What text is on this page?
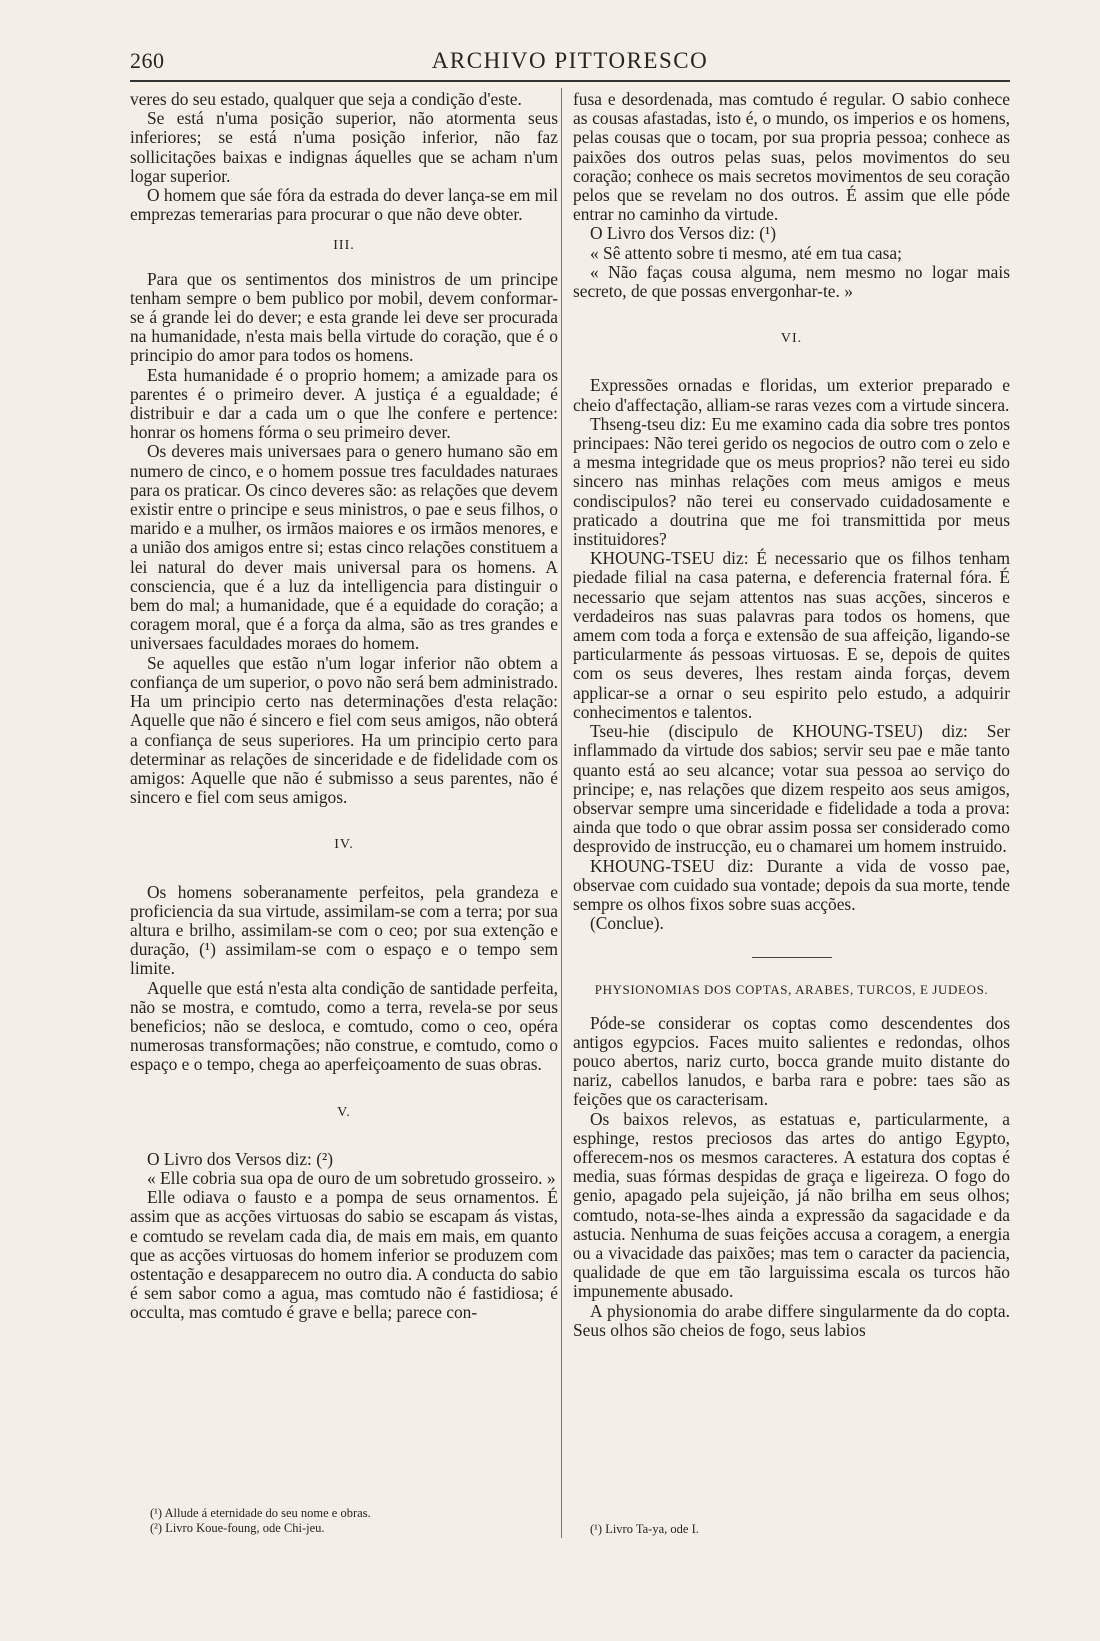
260	ARCHIVO PITTORESCO

veres do seu estado, qualquer que seja a condição d'este.

Se está n'uma posição superior, não atormenta seus inferiores; se está n'uma posição inferior, não faz sollicitações baixas e indignas áquelles que se acham n'um logar superior.

O homem que sáe fóra da estrada do dever lança-se em mil emprezas temerarias para procurar o que não deve obter.

III.

Para que os sentimentos dos ministros de um principe tenham sempre o bem publico por mobil, devem conformar-se á grande lei do dever; e esta grande lei deve ser procurada na humanidade, n'esta mais bella virtude do coração, que é o principio do amor para todos os homens.

Esta humanidade é o proprio homem; a amizade para os parentes é o primeiro dever. A justiça é a egualdade; é distribuir e dar a cada um o que lhe confere e pertence: honrar os homens fórma o seu primeiro dever.

Os deveres mais universaes para o genero humano são em numero de cinco, e o homem possue tres faculdades naturaes para os praticar. Os cinco deveres são: as relações que devem existir entre o principe e seus ministros, o pae e seus filhos, o marido e a mulher, os irmãos maiores e os irmãos menores, e a união dos amigos entre si; estas cinco relações constituem a lei natural do dever mais universal para os homens. A consciencia, que é a luz da intelligencia para distinguir o bem do mal; a humanidade, que é a equidade do coração; a coragem moral, que é a força da alma, são as tres grandes e universaes faculdades moraes do homem.

Se aquelles que estão n'um logar inferior não obtem a confiança de um superior, o povo não será bem administrado. Ha um principio certo nas determinações d'esta relação: Aquelle que não é sincero e fiel com seus amigos, não obterá a confiança de seus superiores. Ha um principio certo para determinar as relações de sinceridade e de fidelidade com os amigos: Aquelle que não é submisso a seus parentes, não é sincero e fiel com seus amigos.

IV.

Os homens soberanamente perfeitos, pela grandeza e proficiencia da sua virtude, assimilam-se com a terra; por sua altura e brilho, assimilam-se com o ceo; por sua extenção e duração, (¹) assimilam-se com o espaço e o tempo sem limite.

Aquelle que está n'esta alta condição de santidade perfeita, não se mostra, e comtudo, como a terra, revela-se por seus beneficios; não se desloca, e comtudo, como o ceo, opéra numerosas transformações; não construe, e comtudo, como o espaço e o tempo, chega ao aperfeiçoamento de suas obras.

V.

O Livro dos Versos diz: (²)

« Elle cobria sua opa de ouro de um sobretudo grosseiro. »

Elle odiava o fausto e a pompa de seus ornamentos. É assim que as acções virtuosas do sabio se escapam ás vistas, e comtudo se revelam cada dia, de mais em mais, em quanto que as acções virtuosas do homem inferior se produzem com ostentação e desapparecem no outro dia. A conducta do sabio é sem sabor como a agua, mas comtudo não é fastidiosa; é occulta, mas comtudo é grave e bella; parece con-

(¹) Allude á eternidade do seu nome e obras.

(²) Livro Koue-foung, ode Chi-jeu.

fusa e desordenada, mas comtudo é regular. O sabio conhece as cousas afastadas, isto é, o mundo, os imperios e os homens, pelas cousas que o tocam, por sua propria pessoa; conhece as paixões dos outros pelas suas, pelos movimentos do seu coração; conhece os mais secretos movimentos de seu coração pelos que se revelam no dos outros. É assim que elle póde entrar no caminho da virtude.

O Livro dos Versos diz: (¹)

« Sê attento sobre ti mesmo, até em tua casa;

« Não faças cousa alguma, nem mesmo no logar mais secreto, de que possas envergonhar-te. »

VI.

Expressões ornadas e floridas, um exterior preparado e cheio d'affectação, alliam-se raras vezes com a virtude sincera.

Thseng-tseu diz: Eu me examino cada dia sobre tres pontos principaes: Não terei gerido os negocios de outro com o zelo e a mesma integridade que os meus proprios? não terei eu sido sincero nas minhas relações com meus amigos e meus condiscipulos? não terei eu conservado cuidadosamente e praticado a doutrina que me foi transmittida por meus instituidores?

KHOUNG-TSEU diz: É necessario que os filhos tenham piedade filial na casa paterna, e deferencia fraternal fóra. É necessario que sejam attentos nas suas acções, sinceros e verdadeiros nas suas palavras para todos os homens, que amem com toda a força e extensão de sua affeição, ligando-se particularmente ás pessoas virtuosas. E se, depois de quites com os seus deveres, lhes restam ainda forças, devem applicar-se a ornar o seu espirito pelo estudo, a adquirir conhecimentos e talentos.

Tseu-hie (discipulo de KHOUNG-TSEU) diz: Ser inflammado da virtude dos sabios; servir seu pae e mãe tanto quanto está ao seu alcance; votar sua pessoa ao serviço do principe; e, nas relações que dizem respeito aos seus amigos, observar sempre uma sinceridade e fidelidade a toda a prova: ainda que todo o que obrar assim possa ser considerado como desprovido de instrucção, eu o chamarei um homem instruido.

KHOUNG-TSEU diz: Durante a vida de vosso pae, observae com cuidado sua vontade; depois da sua morte, tende sempre os olhos fixos sobre suas acções.

(Conclue).

PHYSIONOMIAS DOS COPTAS, ARABES, TURCOS, E JUDEOS.

Póde-se considerar os coptas como descendentes dos antigos egypcios. Faces muito salientes e redondas, olhos pouco abertos, nariz curto, bocca grande muito distante do nariz, cabellos lanudos, e barba rara e pobre: taes são as feições que os caracterisam.

Os baixos relevos, as estatuas e, particularmente, a esphinge, restos preciosos das artes do antigo Egypto, offerecem-nos os mesmos caracteres. A estatura dos coptas é media, suas fórmas despidas de graça e ligeireza. O fogo do genio, apagado pela sujeição, já não brilha em seus olhos; comtudo, nota-se-lhes ainda a expressão da sagacidade e da astucia. Nenhuma de suas feições accusa a coragem, a energia ou a vivacidade das paixões; mas tem o caracter da paciencia, qualidade de que em tão larguissima escala os turcos hão impunemente abusado.

A physionomia do arabe differe singularmente da do copta. Seus olhos são cheios de fogo, seus labios

(¹) Livro Ta-ya, ode I.
